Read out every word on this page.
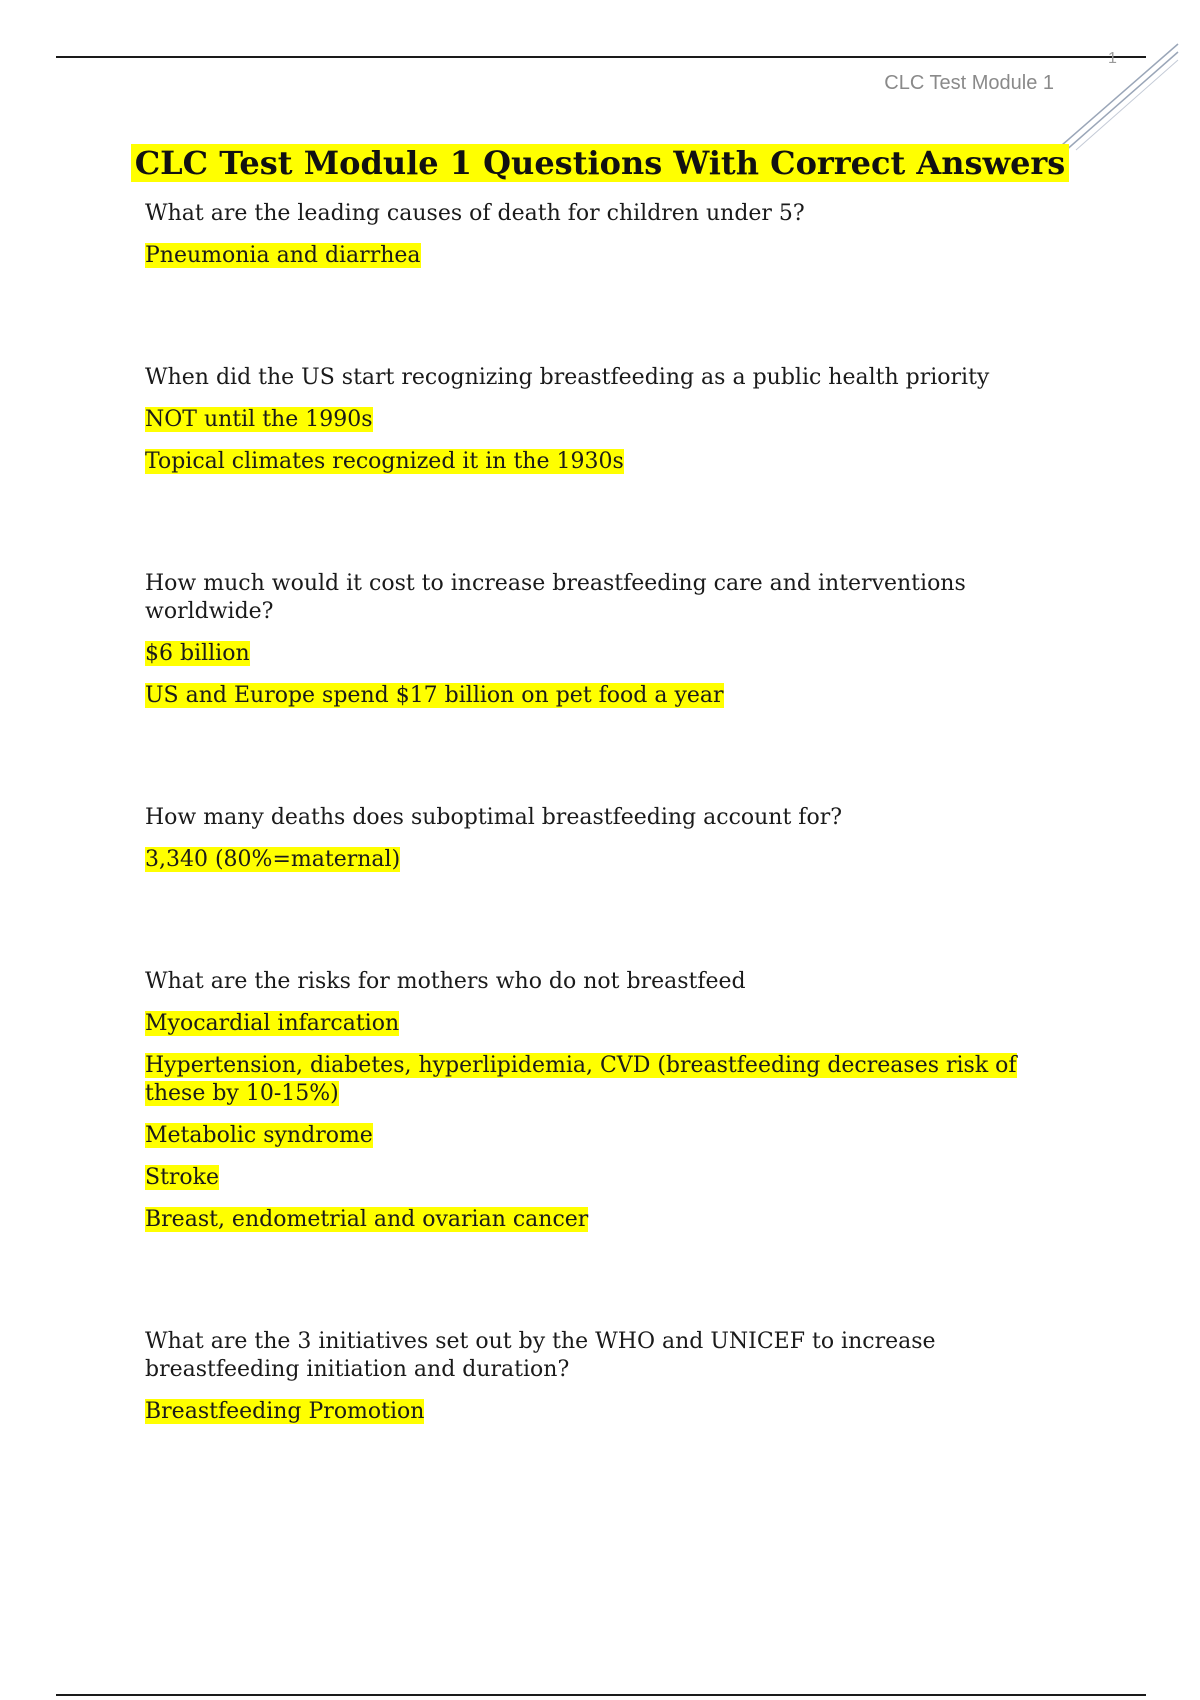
1
CLC Test Module 1
CLC Test Module 1 Questions With Correct Answers

What are the leading causes of death for children under 5?

Pneumonia and diarrhea

When did the US start recognizing breastfeeding as a public health priority

NOT until the 1990s

Topical climates recognized it in the 1930s

How much would it cost to increase breastfeeding care and interventions worldwide?

$6 billion

US and Europe spend $17 billion on pet food a year

How many deaths does suboptimal breastfeeding account for?

3,340 (80%=maternal)

What are the risks for mothers who do not breastfeed

Myocardial infarcation

Hypertension, diabetes, hyperlipidemia, CVD (breastfeeding decreases risk of these by 10-15%)

Metabolic syndrome

Stroke

Breast, endometrial and ovarian cancer

What are the 3 initiatives set out by the WHO and UNICEF to increase breastfeeding initiation and duration?

Breastfeeding Promotion
